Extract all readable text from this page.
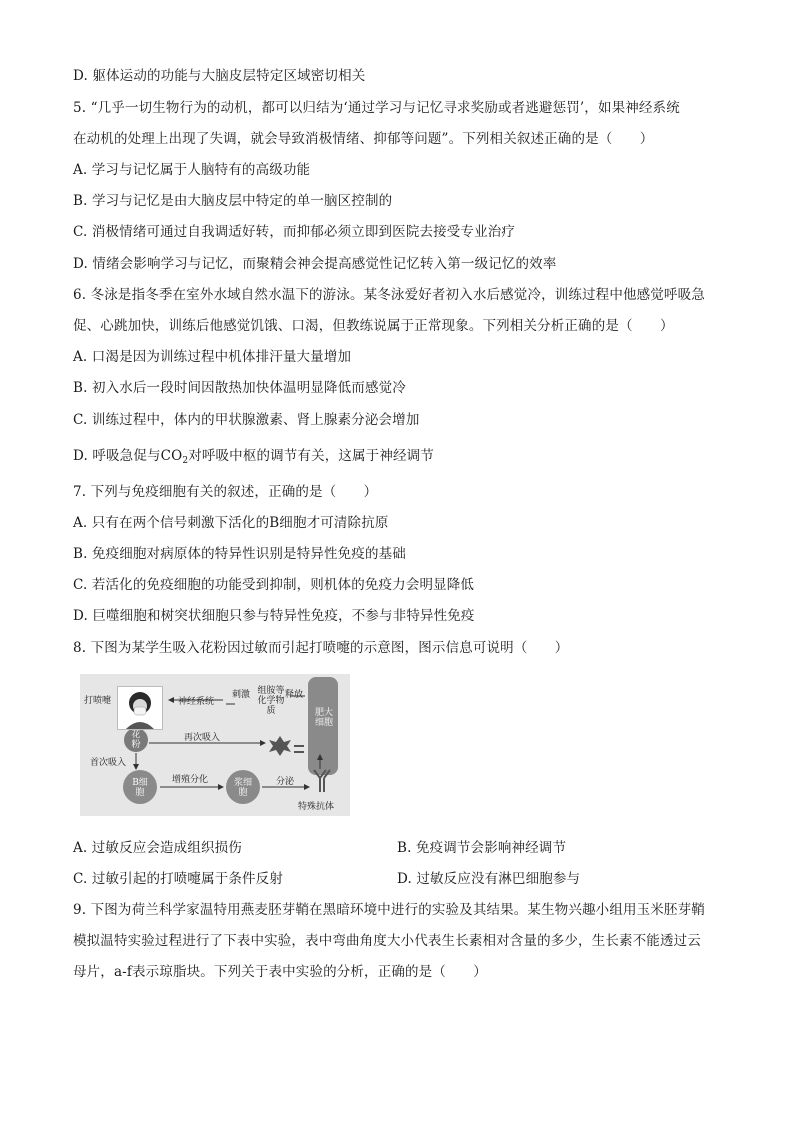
D. 躯体运动的功能与大脑皮层特定区域密切相关
5. “几乎一切生物行为的动机，都可以归结为‘通过学习与记忆寻求奖励或者逃避惩罚’，如果神经系统
在动机的处理上出现了失调，就会导致消极情绪、抑郁等问题”。下列相关叙述正确的是（　　）
A. 学习与记忆属于人脑特有的高级功能
B. 学习与记忆是由大脑皮层中特定的单一脑区控制的
C. 消极情绪可通过自我调适好转，而抑郁必须立即到医院去接受专业治疗
D. 情绪会影响学习与记忆，而聚精会神会提高感觉性记忆转入第一级记忆的效率
6. 冬泳是指冬季在室外水域自然水温下的游泳。某冬泳爱好者初入水后感觉冷，训练过程中他感觉呼吸急
促、心跳加快，训练后他感觉饥饿、口渴，但教练说属于正常现象。下列相关分析正确的是（　　）
A. 口渴是因为训练过程中机体排汗量大量增加
B. 初入水后一段时间因散热加快体温明显降低而感觉冷
C. 训练过程中，体内的甲状腺激素、肾上腺素分泌会增加
D. 呼吸急促与$CO_2$对呼吸中枢的调节有关，这属于神经调节
7. 下列与免疫细胞有关的叙述，正确的是（　　）
A. 只有在两个信号刺激下活化的B细胞才可清除抗原
B. 免疫细胞对病原体的特异性识别是特异性免疫的基础
C. 若活化的免疫细胞的功能受到抑制，则机体的免疫力会明显降低
D. 巨噬细胞和树突状细胞只参与特异性免疫，不参与非特异性免疫
8. 下图为某学生吸入花粉因过敏而引起打喷嚏的示意图，图示信息可说明（　　）
打喷嚏	神经系统
刺激 组胺等化学物质
释放
肥大细胞
花粉
再次吸入
首次吸入
B细胞
增殖分化	浆细胞
分泌
特殊抗体
A. 过敏反应会造成组织损伤	B. 免疫调节会影响神经调节
C. 过敏引起的打喷嚏属于条件反射	D. 过敏反应没有淋巴细胞参与
9. 下图为荷兰科学家温特用燕麦胚芽鞘在黑暗环境中进行的实验及其结果。某生物兴趣小组用玉米胚芽鞘
模拟温特实验过程进行了下表中实验，表中弯曲角度大小代表生长素相对含量的多少，生长素不能透过云
母片，a-f表示琼脂块。下列关于表中实验的分析，正确的是（　　）
